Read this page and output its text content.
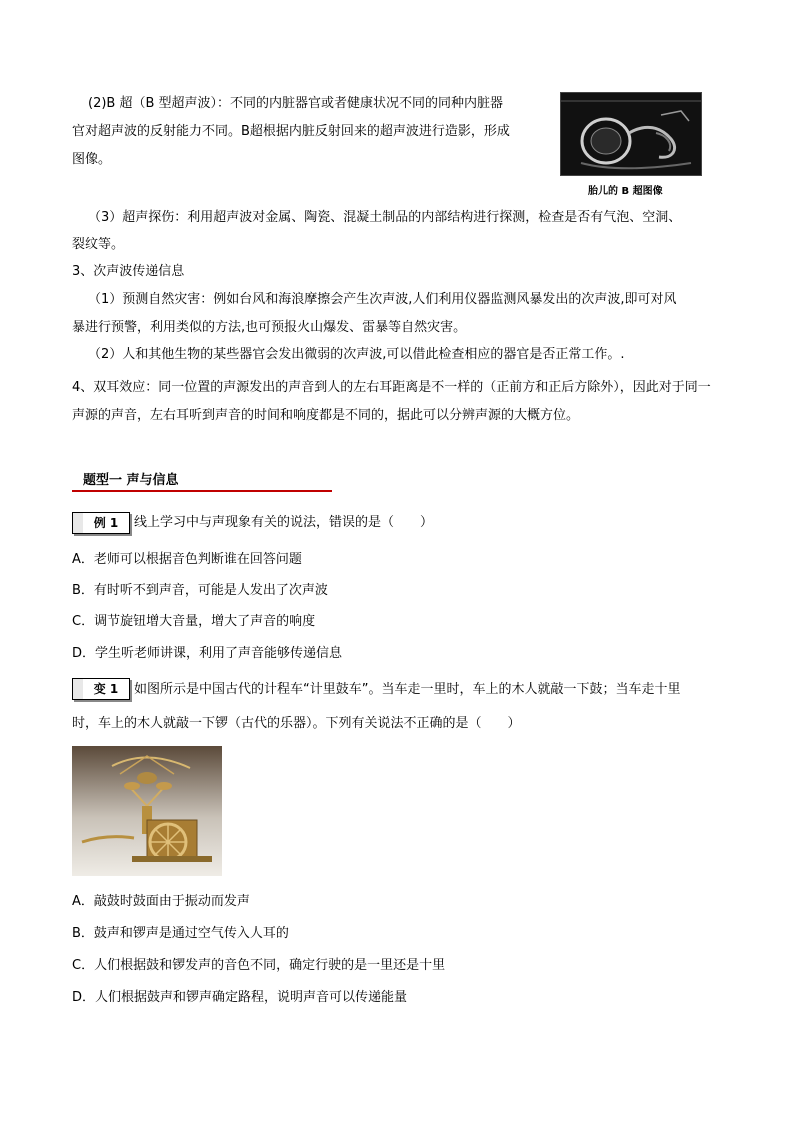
(2)B 超（B 型超声波）：不同的内脏器官或者健康状况不同的同种内脏器
官对超声波的反射能力不同。B超根据内脏反射回来的超声波进行造影，形成
图像。
胎儿的 B 超图像
（3）超声探伤：利用超声波对金属、陶瓷、混凝土制品的内部结构进行探测，检查是否有气泡、空洞、
裂纹等。
3、次声波传递信息
（1）预测自然灾害：例如台风和海浪摩擦会产生次声波,人们利用仪器监测风暴发出的次声波,即可对风
暴进行预警，利用类似的方法,也可预报火山爆发、雷暴等自然灾害。
（2）人和其他生物的某些器官会发出微弱的次声波,可以借此检查相应的器官是否正常工作。.
4、双耳效应：同一位置的声源发出的声音到人的左右耳距离是不一样的（正前方和正后方除外），因此对于同一
声源的声音，左右耳听到声音的时间和响度都是不同的，据此可以分辨声源的大概方位。
题型一 声与信息
例 1	线上学习中与声现象有关的说法，错误的是（　　）
A．老师可以根据音色判断谁在回答问题
B．有时听不到声音，可能是人发出了次声波
C．调节旋钮增大音量，增大了声音的响度
D．学生听老师讲课，利用了声音能够传递信息
变 1	如图所示是中国古代的计程车“计里鼓车”。当车走一里时，车上的木人就敲一下鼓；当车走十里
时，车上的木人就敲一下锣（古代的乐器）。下列有关说法不正确的是（　　）
A．敲鼓时鼓面由于振动而发声
B．鼓声和锣声是通过空气传入人耳的
C．人们根据鼓和锣发声的音色不同，确定行驶的是一里还是十里
D．人们根据鼓声和锣声确定路程，说明声音可以传递能量
